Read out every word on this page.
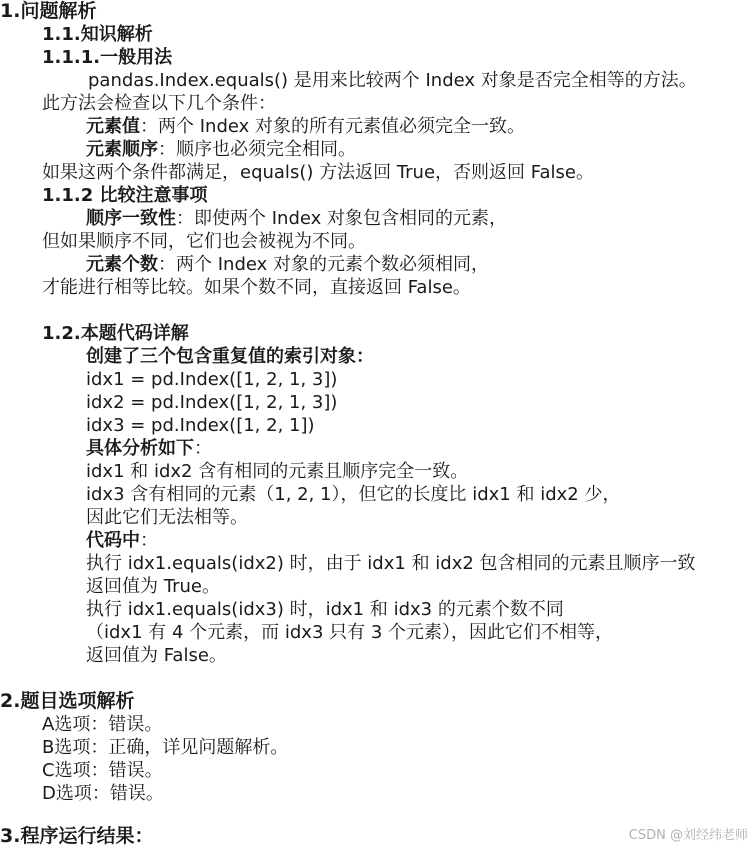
1.问题解析
1.1.知识解析
1.1.1.一般用法
pandas.Index.equals() 是用来比较两个 Index 对象是否完全相等的方法。
此方法会检查以下几个条件：
元素值：两个 Index 对象的所有元素值必须完全一致。
元素顺序：顺序也必须完全相同。
如果这两个条件都满足，equals() 方法返回 True，否则返回 False。
1.1.2 比较注意事项
顺序一致性：即使两个 Index 对象包含相同的元素，
但如果顺序不同，它们也会被视为不同。
元素个数：两个 Index 对象的元素个数必须相同，
才能进行相等比较。如果个数不同，直接返回 False。
1.2.本题代码详解
创建了三个包含重复值的索引对象：
idx1 = pd.Index([1, 2, 1, 3])
idx2 = pd.Index([1, 2, 1, 3])
idx3 = pd.Index([1, 2, 1])
具体分析如下：
idx1 和 idx2 含有相同的元素且顺序完全一致。
idx3 含有相同的元素（1, 2, 1），但它的长度比 idx1 和 idx2 少，
因此它们无法相等。
代码中：
执行 idx1.equals(idx2) 时，由于 idx1 和 idx2 包含相同的元素且顺序一致
返回值为 True。
执行 idx1.equals(idx3) 时，idx1 和 idx3 的元素个数不同
（idx1 有 4 个元素，而 idx3 只有 3 个元素），因此它们不相等，
返回值为 False。
2.题目选项解析
A选项：错误。
B选项：正确，详见问题解析。
C选项：错误。
D选项：错误。
3.程序运行结果：	CSDN @刘经纬老师
